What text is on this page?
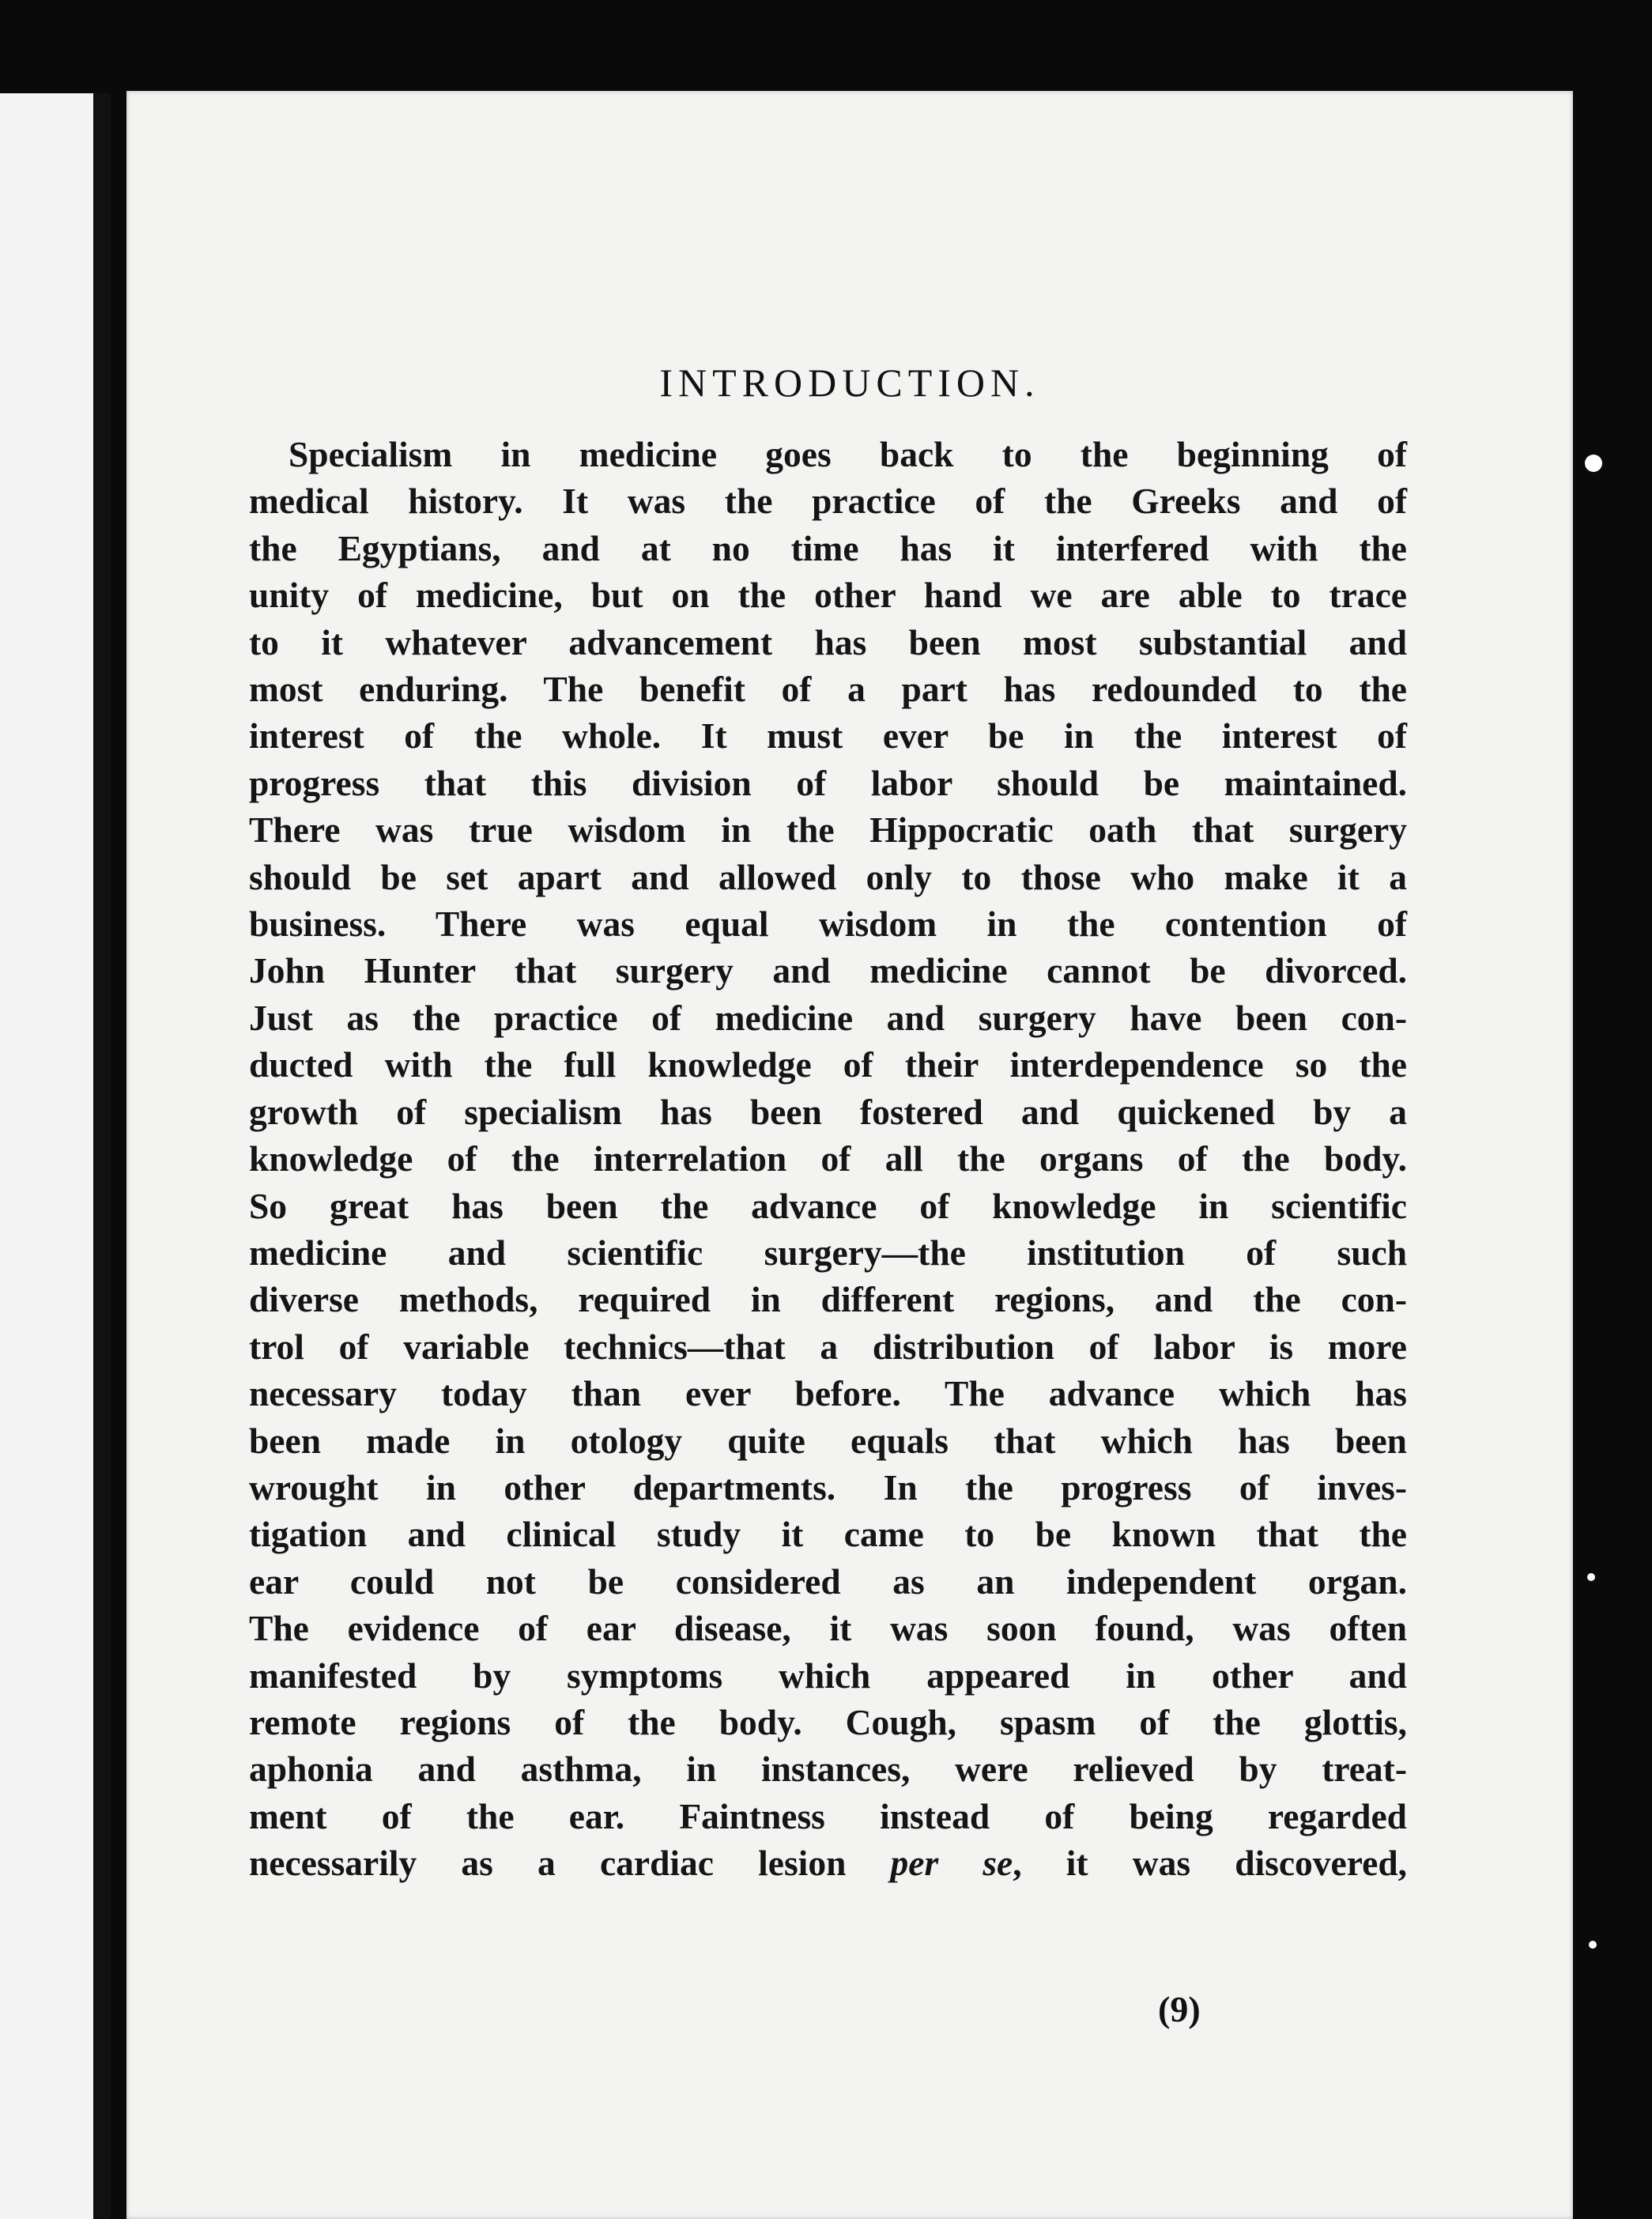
INTRODUCTION.
Specialism in medicine goes back to the beginning of
medical history. It was the practice of the Greeks and of
the Egyptians, and at no time has it interfered with the
unity of medicine, but on the other hand we are able to trace
to it whatever advancement has been most substantial and
most enduring. The benefit of a part has redounded to the
interest of the whole. It must ever be in the interest of
progress that this division of labor should be maintained.
There was true wisdom in the Hippocratic oath that surgery
should be set apart and allowed only to those who make it a
business. There was equal wisdom in the contention of
John Hunter that surgery and medicine cannot be divorced.
Just as the practice of medicine and surgery have been con-
ducted with the full knowledge of their interdependence so the
growth of specialism has been fostered and quickened by a
knowledge of the interrelation of all the organs of the body.
So great has been the advance of knowledge in scientific
medicine and scientific surgery—the institution of such
diverse methods, required in different regions, and the con-
trol of variable technics—that a distribution of labor is more
necessary today than ever before. The advance which has
been made in otology quite equals that which has been
wrought in other departments. In the progress of inves-
tigation and clinical study it came to be known that the
ear could not be considered as an independent organ.
The evidence of ear disease, it was soon found, was often
manifested by symptoms which appeared in other and
remote regions of the body. Cough, spasm of the glottis,
aphonia and asthma, in instances, were relieved by treat-
ment of the ear. Faintness instead of being regarded
necessarily as a cardiac lesion per se, it was discovered,
(9)
